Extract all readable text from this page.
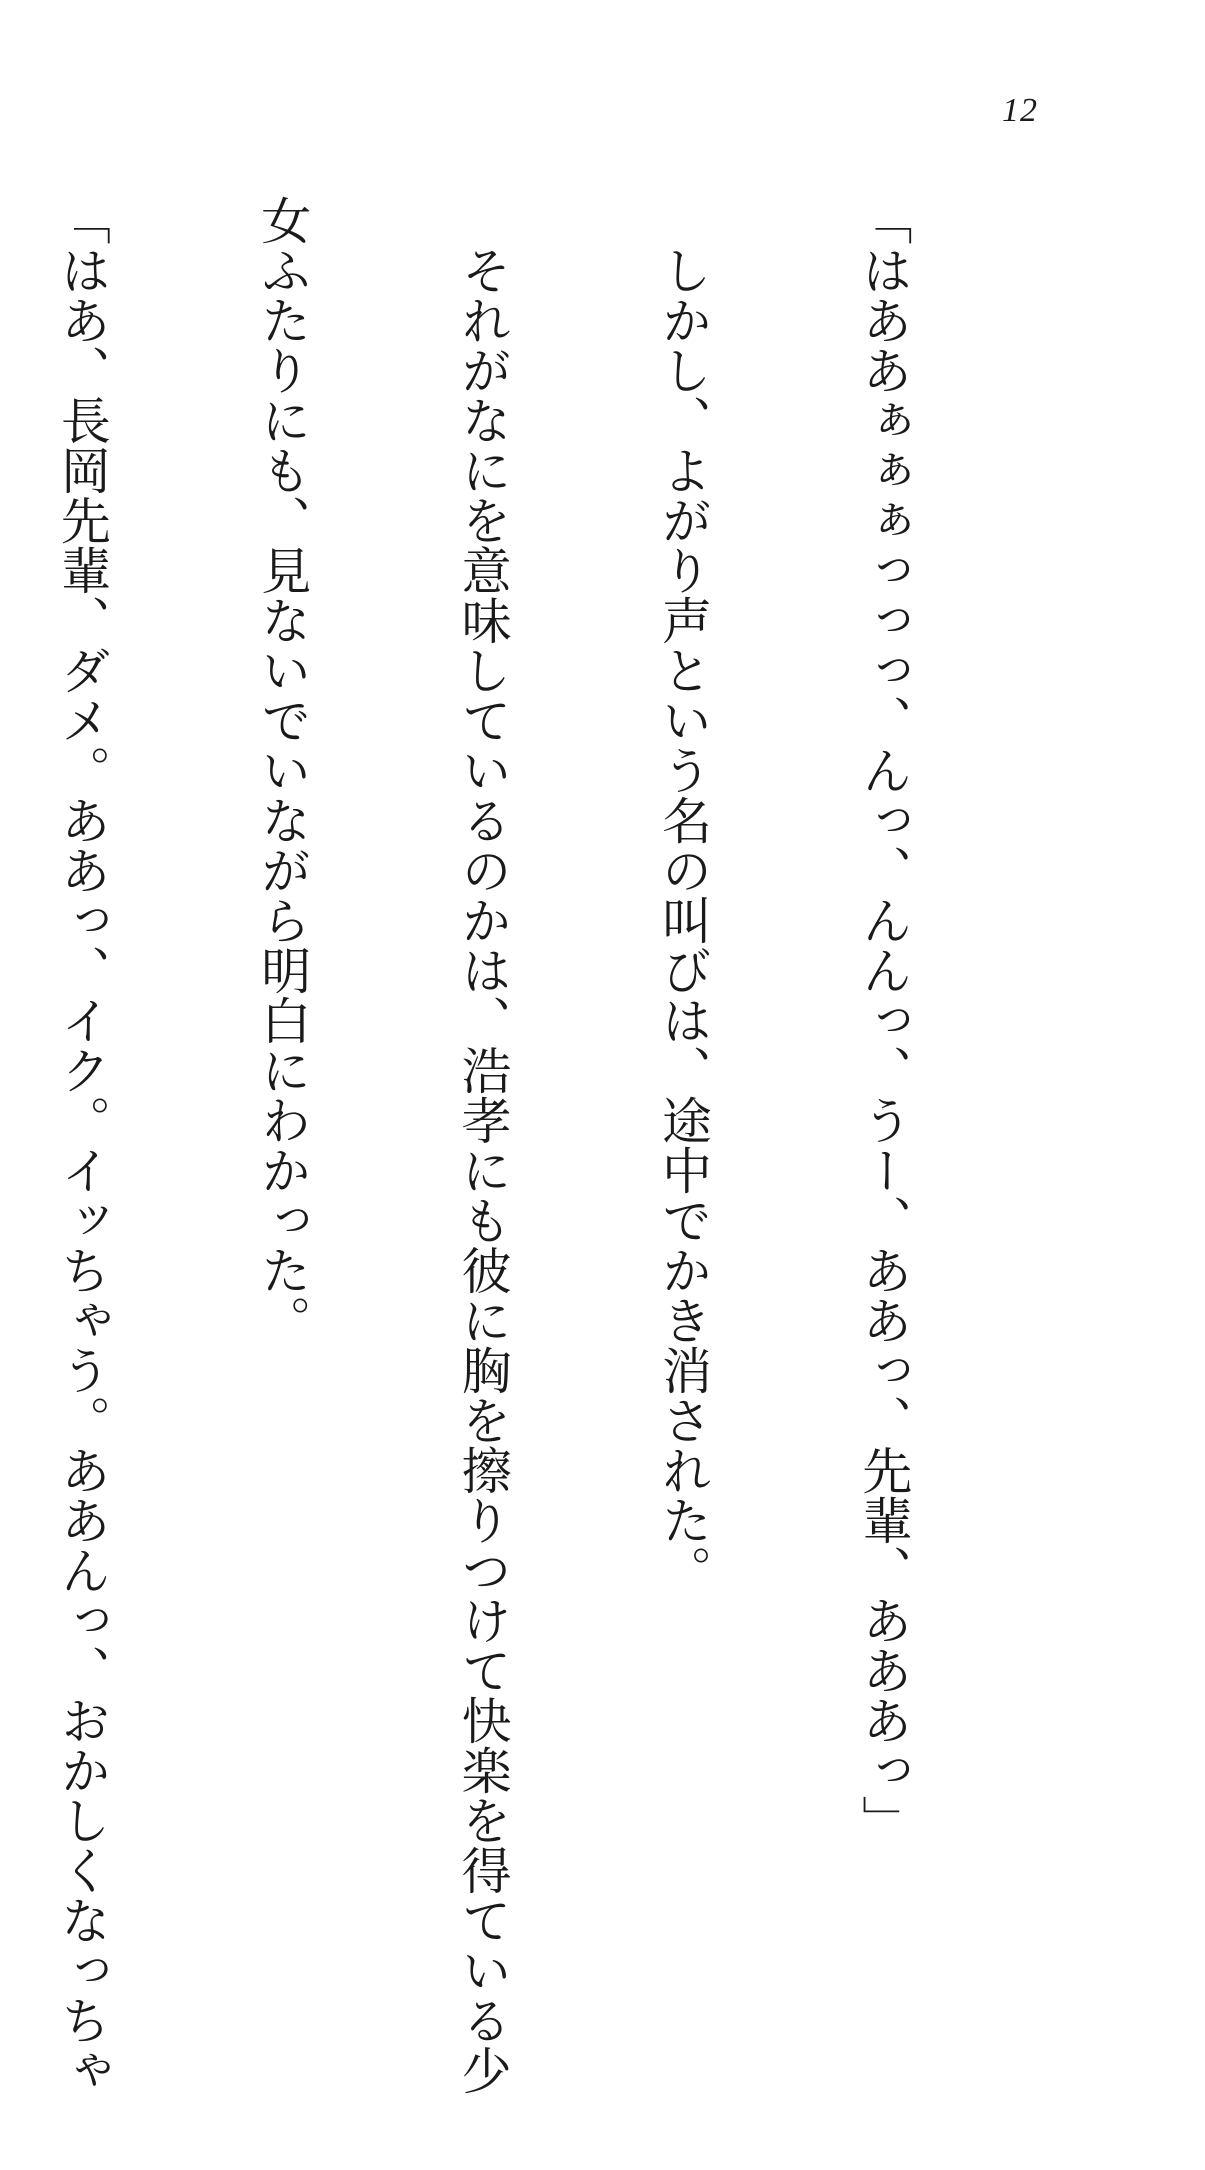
12

「はああぁぁぁっっっ、んっ、んんっ、うー、ああっ、先輩、あああっ」

　しかし、よがり声という名の叫びは、途中でかき消された。

　それがなにを意味しているのかは、浩孝にも彼に胸を擦りつけて快楽を得ている少

女ふたりにも、見ないでいながら明白にわかった。

「はあ、長岡先輩、ダメ。ああっ、イク。イッちゃう。ああんっ、おかしくなっちゃ
